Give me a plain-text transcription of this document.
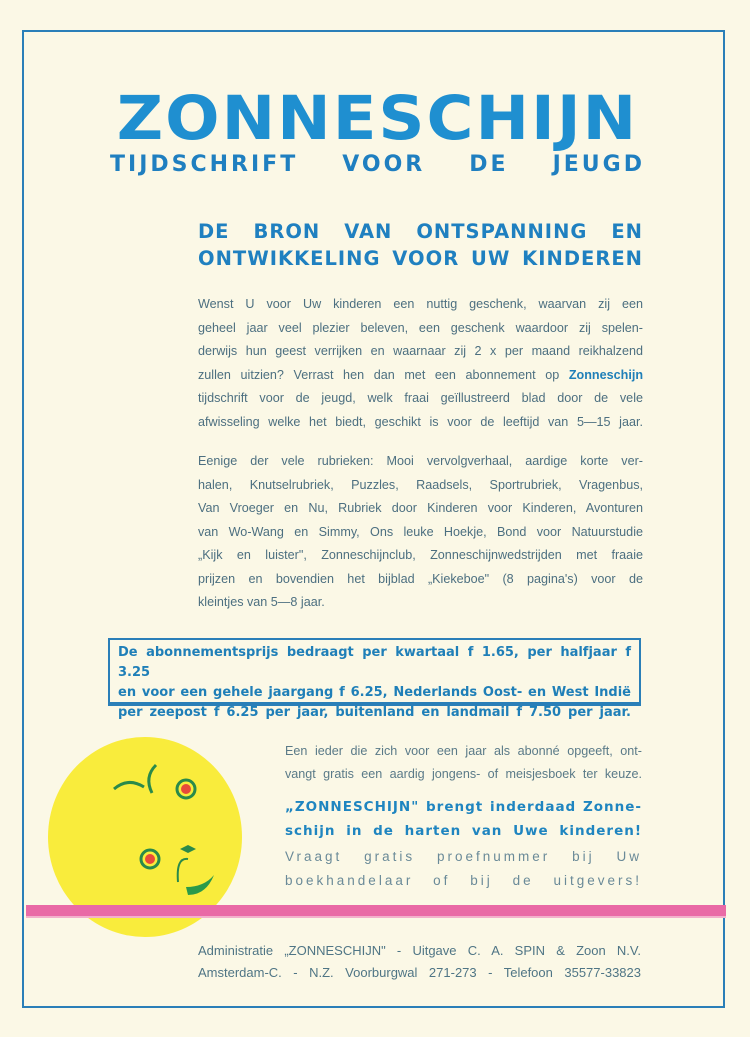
ZONNESCHIJN
TIJDSCHRIFT VOOR DE JEUGD
DE BRON VAN ONTSPANNING EN
ONTWIKKELING VOOR UW KINDEREN
Wenst U voor Uw kinderen een nuttig geschenk, waarvan zij een
geheel jaar veel plezier beleven, een geschenk waardoor zij spelen-
derwijs hun geest verrijken en waarnaar zij 2 x per maand reikhalzend
zullen uitzien? Verrast hen dan met een abonnement op Zonneschijn
tijdschrift voor de jeugd, welk fraai geïllustreerd blad door de vele
afwisseling welke het biedt, geschikt is voor de leeftijd van 5—15 jaar.
Eenige der vele rubrieken: Mooi vervolgverhaal, aardige korte ver-
halen, Knutselrubriek, Puzzles, Raadsels, Sportrubriek, Vragenbus,
Van Vroeger en Nu, Rubriek door Kinderen voor Kinderen, Avonturen
van Wo-Wang en Simmy, Ons leuke Hoekje, Bond voor Natuurstudie
„Kijk en luister", Zonneschijnclub, Zonneschijnwedstrijden met fraaie
prijzen en bovendien het bijblad „Kiekeboe" (8 pagina's) voor de
kleintjes van 5—8 jaar.
De abonnementsprijs bedraagt per kwartaal f 1.65, per halfjaar f 3.25
en voor een gehele jaargang f 6.25, Nederlands Oost- en West Indië
per zeepost f 6.25 per jaar, buitenland en landmail f 7.50 per jaar.
Een ieder die zich voor een jaar als abonné opgeeft, ont-
vangt gratis een aardig jongens- of meisjesboek ter keuze.
„ZONNESCHIJN" brengt inderdaad Zonne-
schijn in de harten van Uwe kinderen!
Vraagt gratis proefnummer bij Uw
boekhandelaar of bij de uitgevers!
Administratie „ZONNESCHIJN" - Uitgave C. A. SPIN & Zoon N.V.
Amsterdam-C. - N.Z. Voorburgwal 271-273 - Telefoon 35577-33823
